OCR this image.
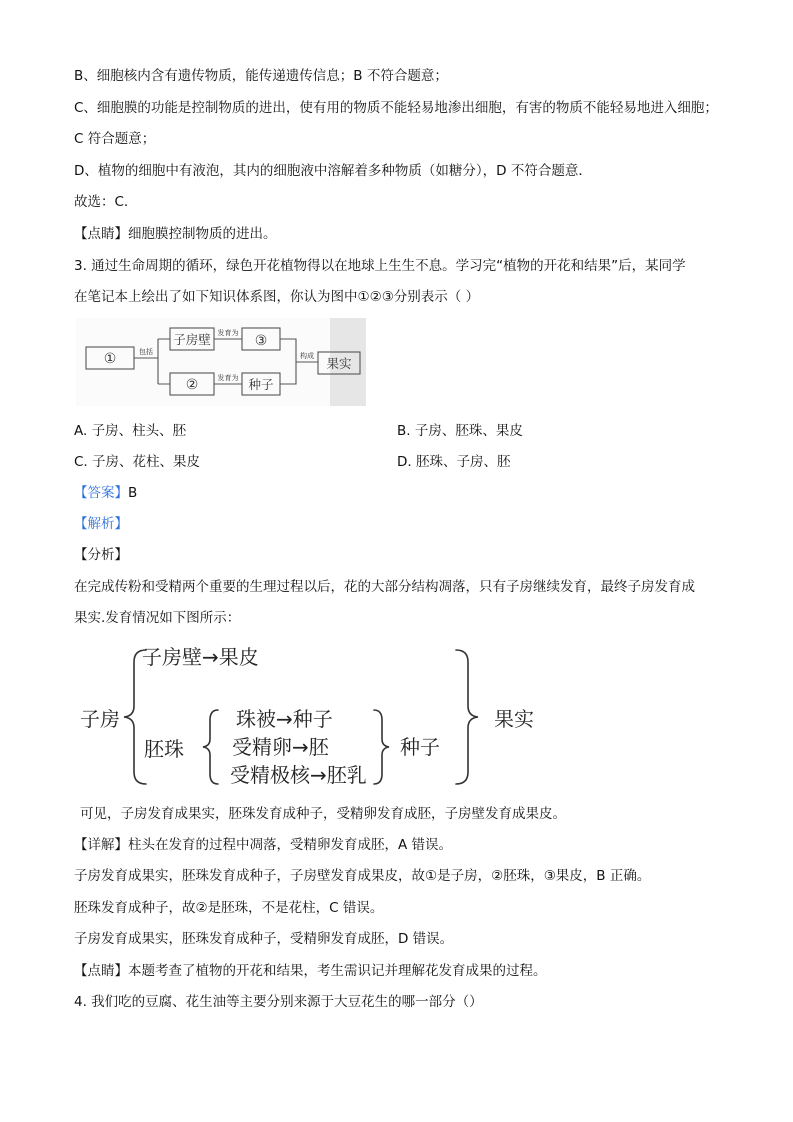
B、细胞核内含有遗传物质，能传递遗传信息；B 不符合题意；
C、细胞膜的功能是控制物质的进出，使有用的物质不能轻易地渗出细胞，有害的物质不能轻易地进入细胞；
C 符合题意；
D、植物的细胞中有液泡，其内的细胞液中溶解着多种物质（如糖分），D 不符合题意．
故选：C.
【点睛】细胞膜控制物质的进出。
3. 通过生命周期的循环，绿色开花植物得以在地球上生生不息。学习完“植物的开花和结果”后，某同学
在笔记本上绘出了如下知识体系图，你认为图中①②③分别表示（ ）
①
子房壁	③
②	种子
果实
包括
发育为
发育为
构成
A. 子房、柱头、胚	B. 子房、胚珠、果皮
C. 子房、花柱、果皮	D. 胚珠、子房、胚
【答案】B
【解析】
【分析】
在完成传粉和受精两个重要的生理过程以后，花的大部分结构凋落，只有子房继续发育，最终子房发育成
果实.发育情况如下图所示：
子房壁→果皮
子房
胚珠
珠被→种子
受精卵→胚
受精极核→胚乳
种子
果实
可见，子房发育成果实，胚珠发育成种子，受精卵发育成胚，子房壁发育成果皮。
【详解】柱头在发育的过程中凋落，受精卵发育成胚，A 错误。
子房发育成果实，胚珠发育成种子，子房壁发育成果皮，故①是子房，②胚珠，③果皮，B 正确。
胚珠发育成种子，故②是胚珠，不是花柱，C 错误。
子房发育成果实，胚珠发育成种子，受精卵发育成胚，D 错误。
【点睛】本题考查了植物的开花和结果，考生需识记并理解花发育成果的过程。
4. 我们吃的豆腐、花生油等主要分别来源于大豆花生的哪一部分（）
